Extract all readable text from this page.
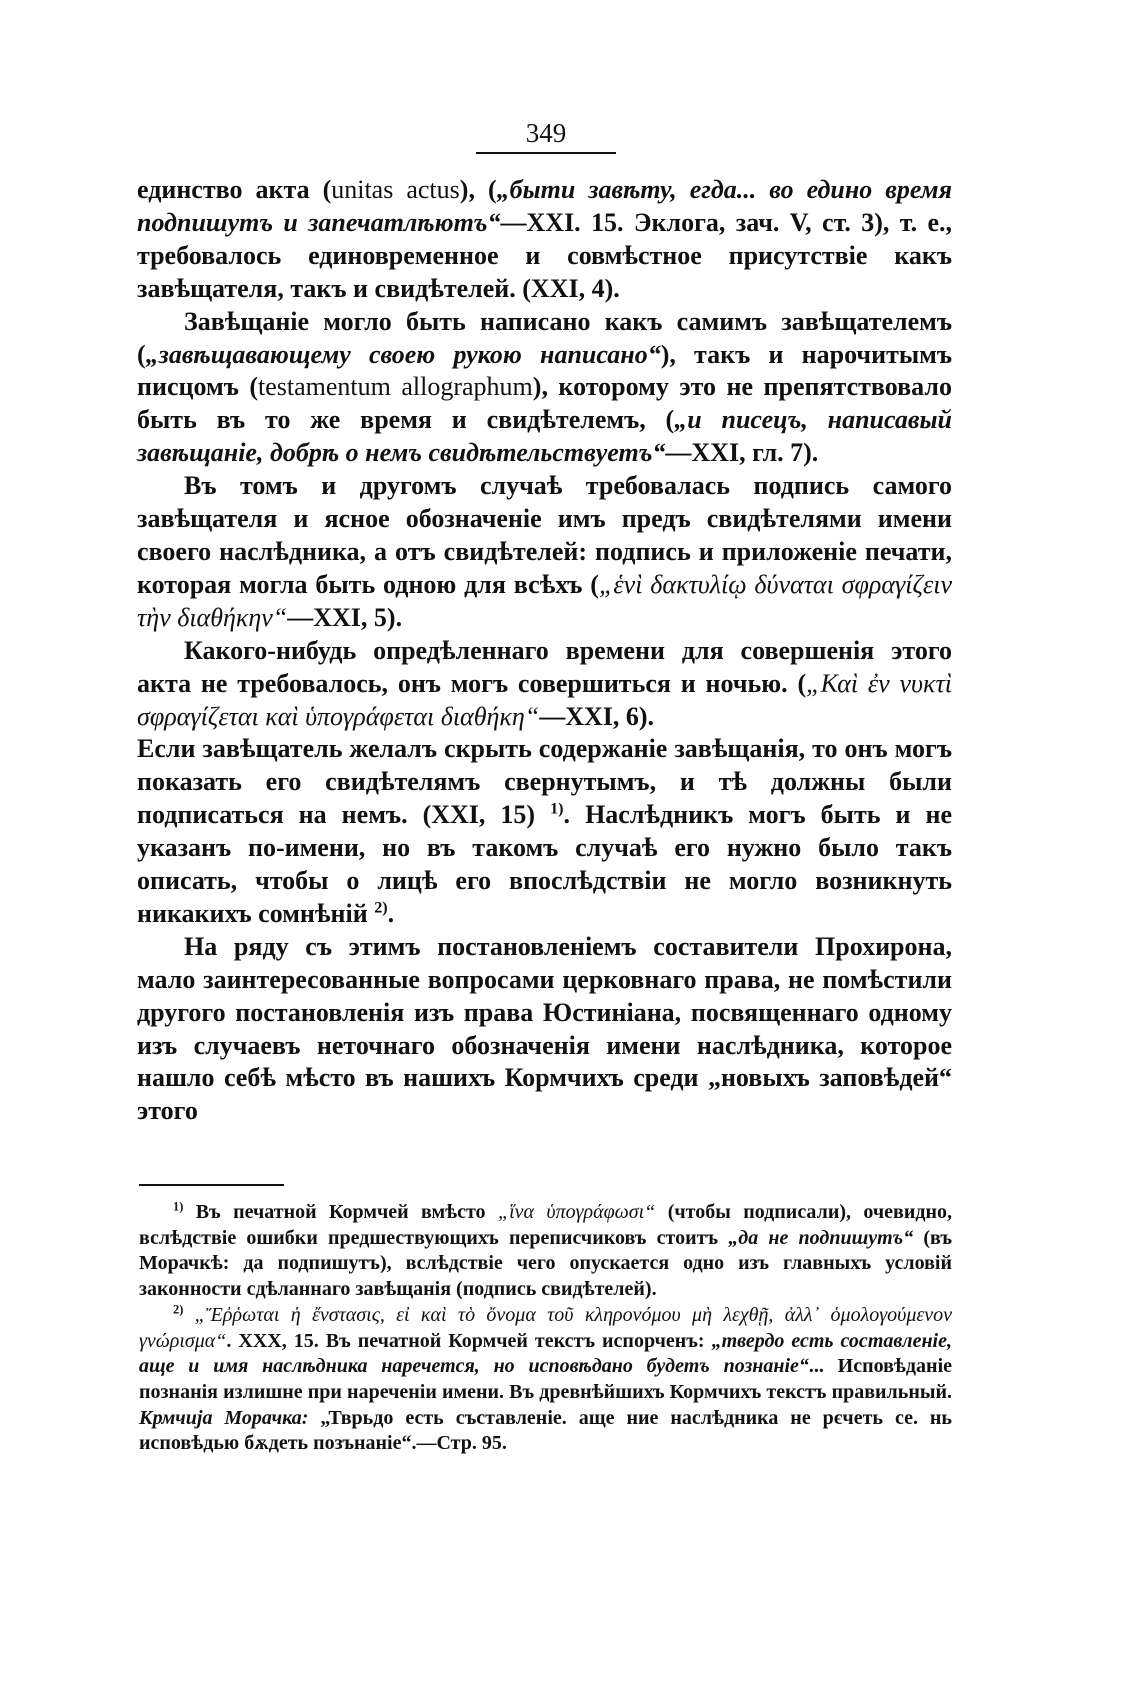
349

единство акта (unitas actus), („быти завѣту, егда... во едино время подпишутъ и запечатлѣютъ“—XXI. 15. Эклога, зач. V, ст. 3), т. е., требовалось единовременное и совмѣстное присутствіе какъ завѣщателя, такъ и свидѣтелей. (XXI, 4).

Завѣщаніе могло быть написано какъ самимъ завѣщателемъ („завѣщавающему своею рукою написано“), такъ и нарочитымъ писцомъ (testamentum allographum), которому это не препятствовало быть въ то же время и свидѣтелемъ, („и писецъ, написавый завѣщаніе, добрѣ о немъ свидѣтельствуетъ“—XXI, гл. 7).

Въ томъ и другомъ случаѣ требовалась подпись самого завѣщателя и ясное обозначеніе имъ предъ свидѣтелями имени своего наслѣдника, а отъ свидѣтелей: подпись и приложеніе печати, которая могла быть одною для всѣхъ („ἑνὶ δακτυλίῳ δύναται σφραγίζειν τὴν διαθήκην“—XXI, 5).

Какого-нибудь опредѣленнаго времени для совершенія этого акта не требовалось, онъ могъ совершиться и ночью. („Καὶ ἐν νυκτὶ σφραγίζεται καὶ ὑπογράφεται διαθήκη“—XXI, 6).

Если завѣщатель желалъ скрыть содержаніе завѣщанія, то онъ могъ показать его свидѣтелямъ свернутымъ, и тѣ должны были подписаться на немъ. (XXI, 15) $^{1)}$. Наслѣдникъ могъ быть и не указанъ по-имени, но въ такомъ случаѣ его нужно было такъ описать, чтобы о лицѣ его впослѣдствіи не могло возникнуть никакихъ сомнѣній $^{2)}$.

На ряду съ этимъ постановленіемъ составители Прохирона, мало заинтересованные вопросами церковнаго права, не помѣстили другого постановленія изъ права Юстиніана, посвященнаго одному изъ случаевъ неточнаго обозначенія имени наслѣдника, которое нашло себѣ мѣсто въ нашихъ Кормчихъ среди „новыхъ заповѣдей“ этого

$^{1)}$ Въ печатной Кормчей вмѣсто „ἵνα ὑπογράφωσι“ (чтобы подписали), очевидно, вслѣдствіе ошибки предшествующихъ переписчиковъ стоитъ „да не подпишутъ“ (въ Морачкѣ: да подпишутъ), вслѣдствіе чего опускается одно изъ главныхъ условій законности сдѣланнаго завѣщанія (подпись свидѣтелей).

$^{2)}$ „Ἔῤῥωται ἡ ἔνστασις, εἰ καὶ τὸ ὄνομα τοῦ κληρονόμου μὴ λεχθῇ, ἀλλ᾽ ὁμολογούμενον γνώρισμα“. XXX, 15. Въ печатной Кормчей текстъ испорченъ: „твердо есть составленіе, аще и имя наслѣдника наречется, но исповѣдано будетъ познаніе“... Исповѣданіе познанія излишне при нареченіи имени. Въ древнѣйшихъ Кормчихъ текстъ правильный. Крмчија Морачка: „Тврьдо есть съставленіе. аще ние наслѣдника не рєчеть се. нь исповѣдью бѫдеть позънаніе“.—Стр. 95.
